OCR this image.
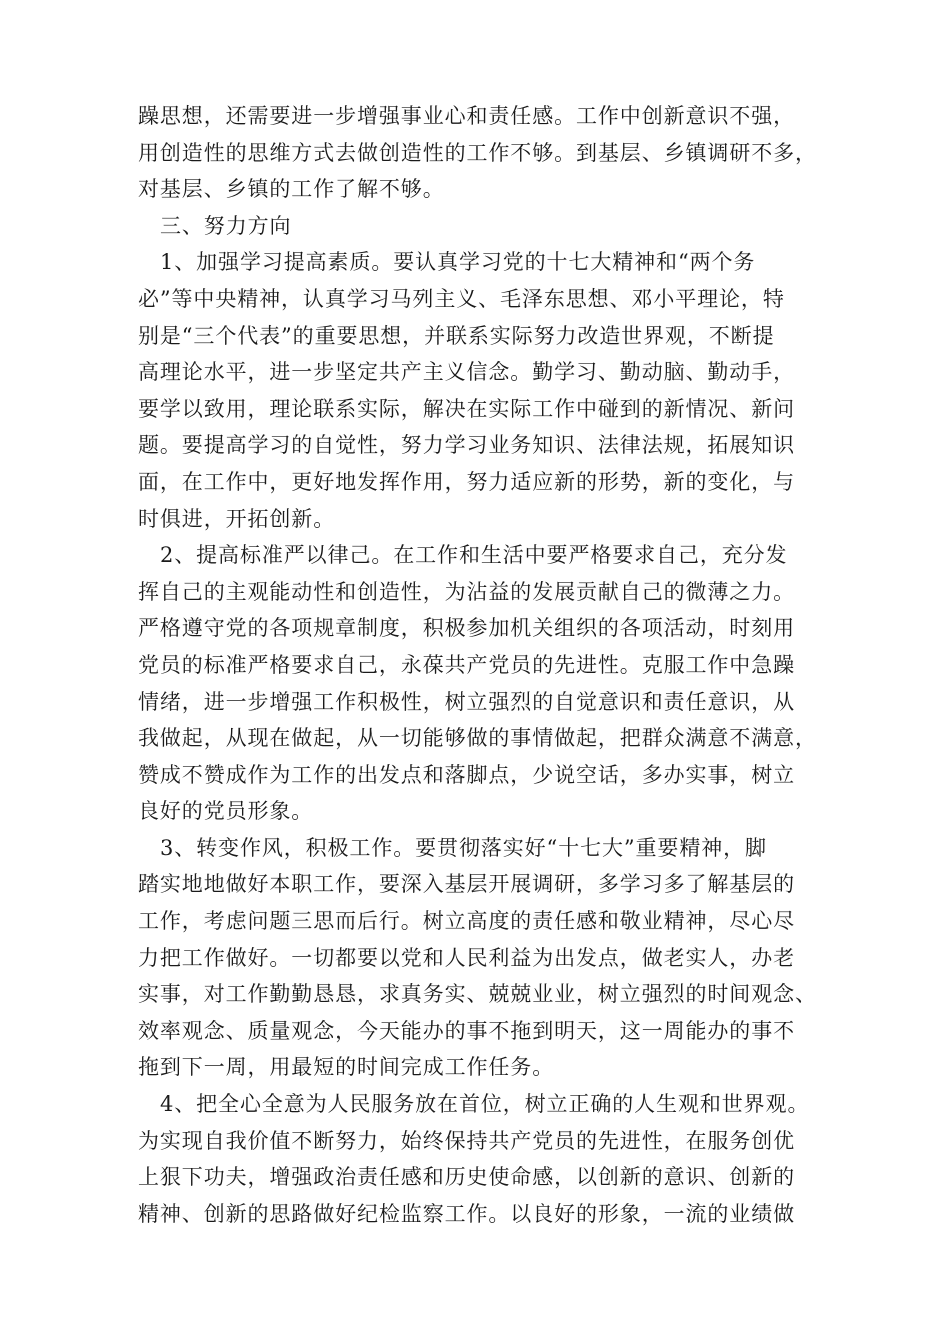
躁思想，还需要进一步增强事业心和责任感。工作中创新意识不强，
用创造性的思维方式去做创造性的工作不够。到基层、乡镇调研不多，
对基层、乡镇的工作了解不够。
三、努力方向
1、加强学习提高素质。要认真学习党的十七大精神和“两个务
必”等中央精神，认真学习马列主义、毛泽东思想、邓小平理论，特
别是“三个代表”的重要思想，并联系实际努力改造世界观，不断提
高理论水平，进一步坚定共产主义信念。勤学习、勤动脑、勤动手，
要学以致用，理论联系实际，解决在实际工作中碰到的新情况、新问
题。要提高学习的自觉性，努力学习业务知识、法律法规，拓展知识
面，在工作中，更好地发挥作用，努力适应新的形势，新的变化，与
时俱进，开拓创新。
2、提高标准严以律己。在工作和生活中要严格要求自己，充分发
挥自己的主观能动性和创造性，为沾益的发展贡献自己的微薄之力。
严格遵守党的各项规章制度，积极参加机关组织的各项活动，时刻用
党员的标准严格要求自己，永葆共产党员的先进性。克服工作中急躁
情绪，进一步增强工作积极性，树立强烈的自觉意识和责任意识，从
我做起，从现在做起，从一切能够做的事情做起，把群众满意不满意，
赞成不赞成作为工作的出发点和落脚点，少说空话，多办实事，树立
良好的党员形象。
3、转变作风，积极工作。要贯彻落实好“十七大”重要精神，脚
踏实地地做好本职工作，要深入基层开展调研，多学习多了解基层的
工作，考虑问题三思而后行。树立高度的责任感和敬业精神，尽心尽
力把工作做好。一切都要以党和人民利益为出发点，做老实人，办老
实事，对工作勤勤恳恳，求真务实、兢兢业业，树立强烈的时间观念、
效率观念、质量观念，今天能办的事不拖到明天，这一周能办的事不
拖到下一周，用最短的时间完成工作任务。
4、把全心全意为人民服务放在首位，树立正确的人生观和世界观。
为实现自我价值不断努力，始终保持共产党员的先进性，在服务创优
上狠下功夫，增强政治责任感和历史使命感，以创新的意识、创新的
精神、创新的思路做好纪检监察工作。以良好的形象，一流的业绩做
